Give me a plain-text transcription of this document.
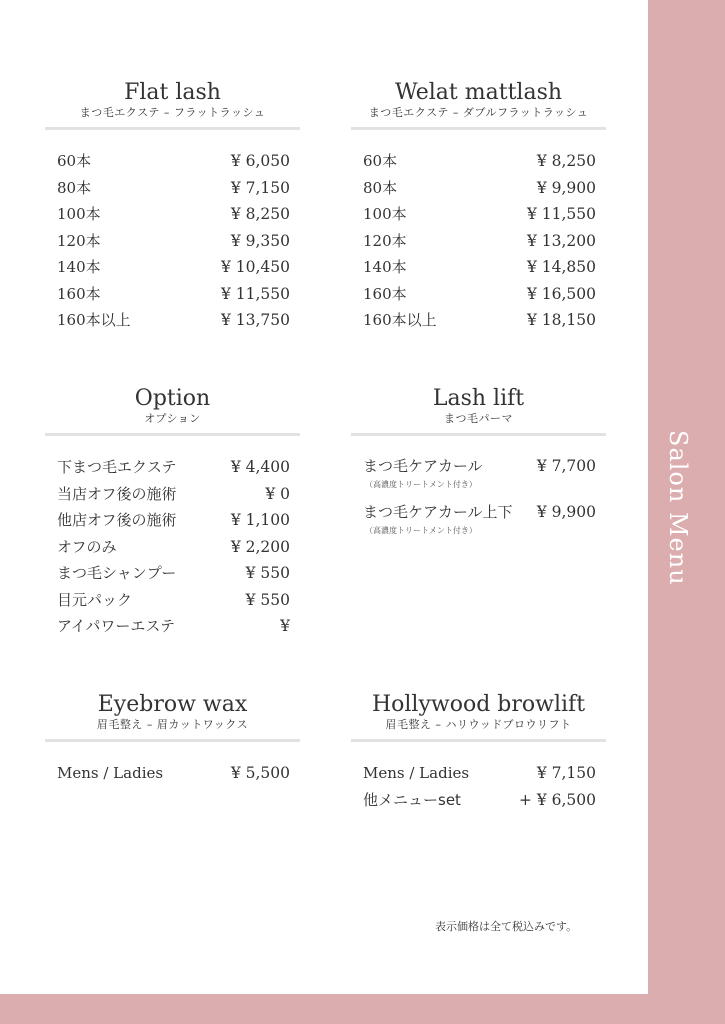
Salon Menu
Flat lash
まつ毛エクステ – フラットラッシュ
60本	¥ 6,050
80本	¥ 7,150
100本	¥ 8,250
120本	¥ 9,350
140本	¥ 10,450
160本	¥ 11,550
160本以上	¥ 13,750
Welat mattlash
まつ毛エクステ – ダブルフラットラッシュ
60本	¥ 8,250
80本	¥ 9,900
100本	¥ 11,550
120本	¥ 13,200
140本	¥ 14,850
160本	¥ 16,500
160本以上	¥ 18,150
Option
オプション
下まつ毛エクステ	¥ 4,400
当店オフ後の施術	¥ 0
他店オフ後の施術	¥ 1,100
オフのみ	¥ 2,200
まつ毛シャンプー	¥ 550
目元パック	¥ 550
アイパワーエステ	¥
Lash lift
まつ毛パーマ
まつ毛ケアカール	¥ 7,700
（高濃度トリートメント付き）
まつ毛ケアカール上下 ¥ 9,900
（高濃度トリートメント付き）
Eyebrow wax
眉毛整え – 眉カットワックス
Mens / Ladies	¥ 5,500
Hollywood browlift
眉毛整え – ハリウッドブロウリフト
Mens / Ladies	¥ 7,150
他メニューset	+ ¥ 6,500
表示価格は全て税込みです。
